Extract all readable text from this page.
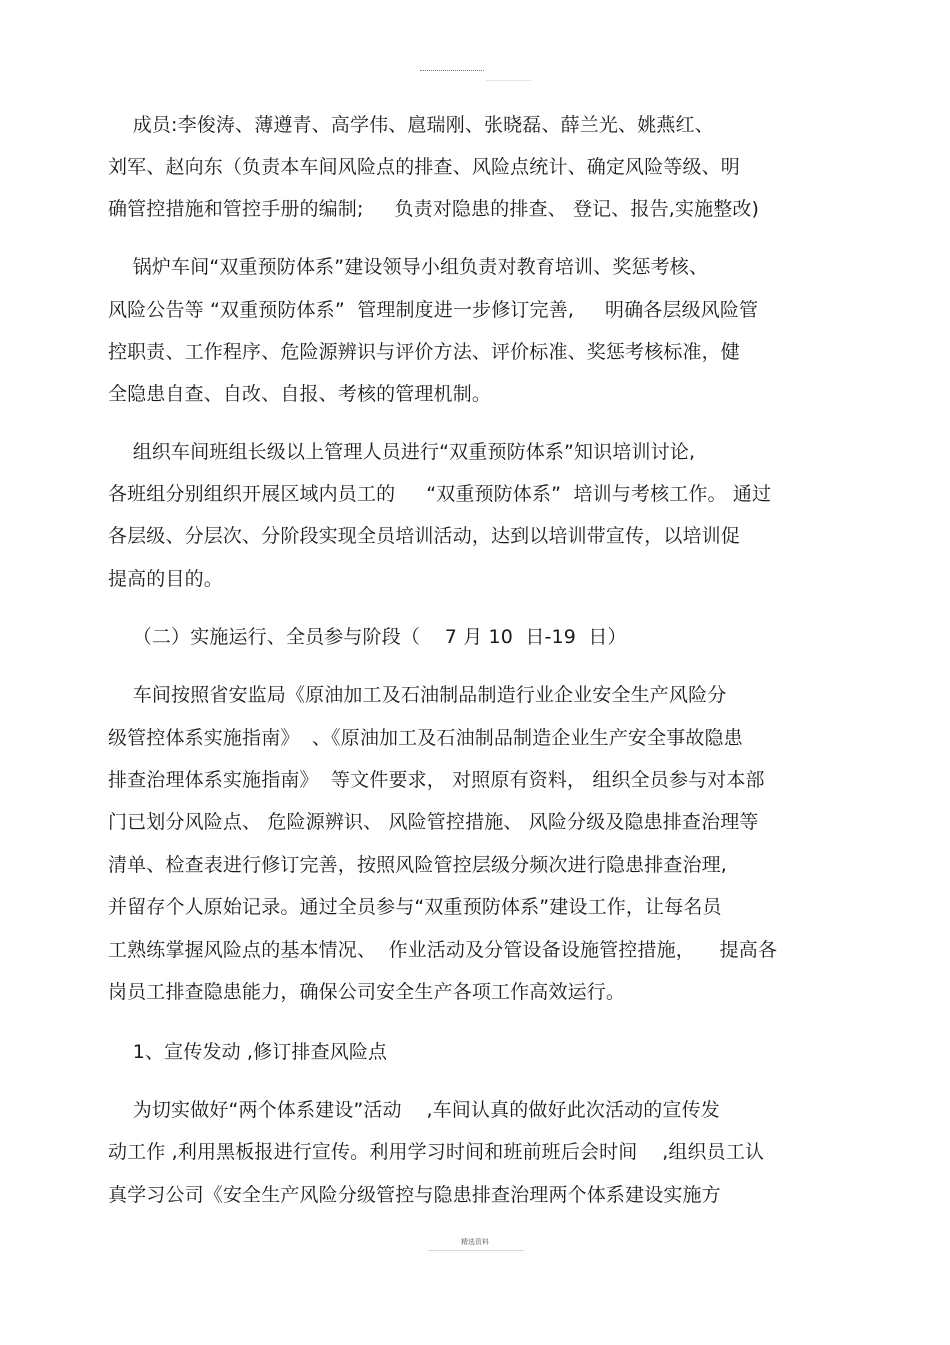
成员:李俊涛、薄遵青、高学伟、扈瑞刚、张晓磊、薛兰光、姚燕红、
刘军、赵向东（负责本车间风险点的排查、风险点统计、确定风险等级、明
确管控措施和管控手册的编制;     负责对隐患的排查、 登记、报告,实施整改)
锅炉车间“双重预防体系”建设领导小组负责对教育培训、奖惩考核、
风险公告等 “双重预防体系”  管理制度进一步修订完善,     明确各层级风险管
控职责、工作程序、危险源辨识与评价方法、评价标准、奖惩考核标准，健
全隐患自查、自改、自报、考核的管理机制。
组织车间班组长级以上管理人员进行“双重预防体系”知识培训讨论,
各班组分别组织开展区域内员工的     “双重预防体系”  培训与考核工作。 通过
各层级、分层次、分阶段实现全员培训活动，达到以培训带宣传，以培训促
提高的目的。
（二）实施运行、全员参与阶段（    7 月 10  日-19  日）
车间按照省安监局《原油加工及石油制品制造行业企业安全生产风险分
级管控体系实施指南》  、《原油加工及石油制品制造企业生产安全事故隐患
排查治理体系实施指南》  等文件要求， 对照原有资料， 组织全员参与对本部
门已划分风险点、 危险源辨识、 风险管控措施、 风险分级及隐患排查治理等
清单、检查表进行修订完善，按照风险管控层级分频次进行隐患排查治理,
并留存个人原始记录。通过全员参与“双重预防体系”建设工作，让每名员
工熟练掌握风险点的基本情况、  作业活动及分管设备设施管控措施，    提高各
岗员工排查隐患能力，确保公司安全生产各项工作高效运行。
1、宣传发动 ,修订排查风险点
为切实做好“两个体系建设”活动    ,车间认真的做好此次活动的宣传发
动工作 ,利用黑板报进行宣传。利用学习时间和班前班后会时间    ,组织员工认
真学习公司《安全生产风险分级管控与隐患排查治理两个体系建设实施方
精选资料
